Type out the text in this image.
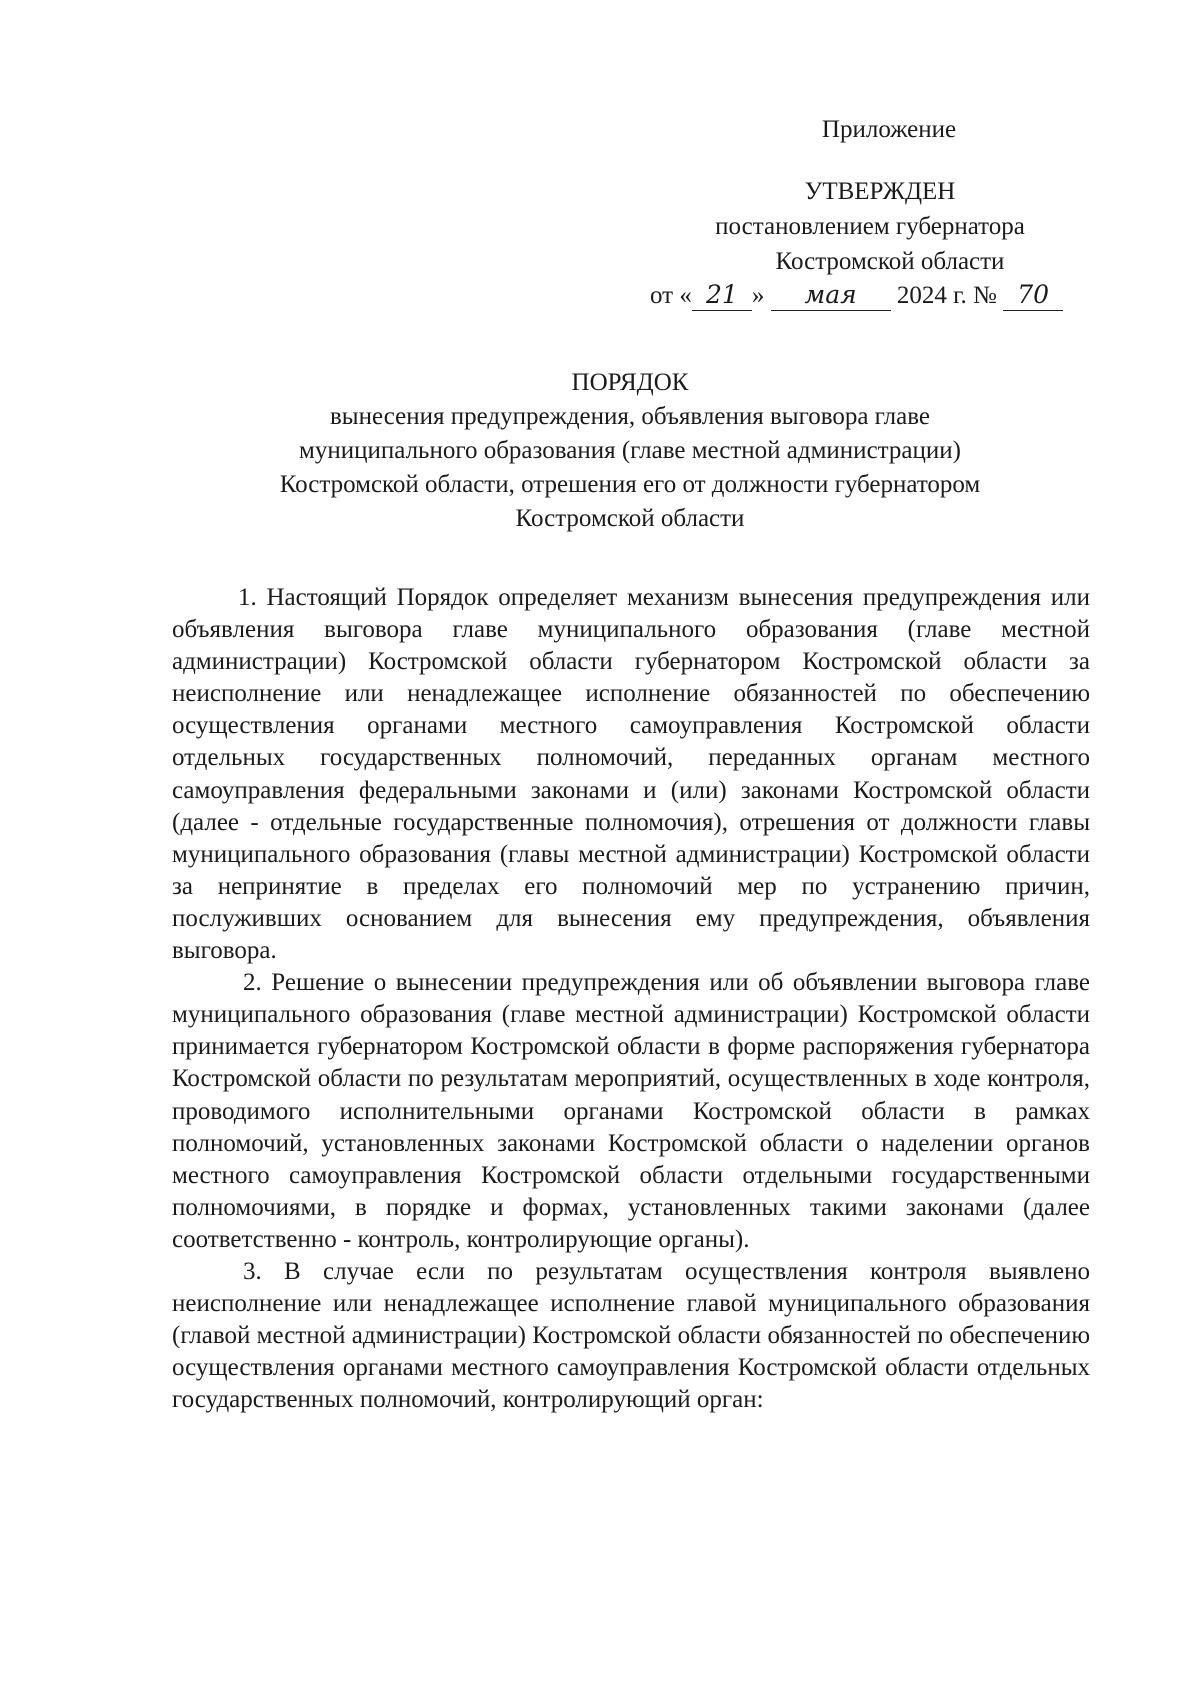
Приложение
УТВЕРЖДЕН
постановлением губернатора
Костромской области
от « 21 » мая 2024 г. № 70
ПОРЯДОК
вынесения предупреждения, объявления выговора главе
муниципального образования (главе местной администрации)
Костромской области, отрешения его от должности губернатором
Костромской области

1. Настоящий Порядок определяет механизм вынесения предупреждения или объявления выговора главе муниципального образования (главе местной администрации) Костромской области губернатором Костромской области за неисполнение или ненадлежащее исполнение обязанностей по обеспечению осуществления органами местного самоуправления Костромской области отдельных государственных полномочий, переданных органам местного самоуправления федеральными законами и (или) законами Костромской области (далее - отдельные государственные полномочия), отрешения от должности главы муниципального образования (главы местной администрации) Костромской области за непринятие в пределах его полномочий мер по устранению причин, послуживших основанием для вынесения ему предупреждения, объявления выговора.

2. Решение о вынесении предупреждения или об объявлении выговора главе муниципального образования (главе местной администрации) Костромской области принимается губернатором Костромской области в форме распоряжения губернатора Костромской области по результатам мероприятий, осуществленных в ходе контроля, проводимого исполнительными органами Костромской области в рамках полномочий, установленных законами Костромской области о наделении органов местного самоуправления Костромской области отдельными государственными полномочиями, в порядке и формах, установленных такими законами (далее соответственно - контроль, контролирующие органы).

3. В случае если по результатам осуществления контроля выявлено неисполнение или ненадлежащее исполнение главой муниципального образования (главой местной администрации) Костромской области обязанностей по обеспечению осуществления органами местного самоуправления Костромской области отдельных государственных полномочий, контролирующий орган:
